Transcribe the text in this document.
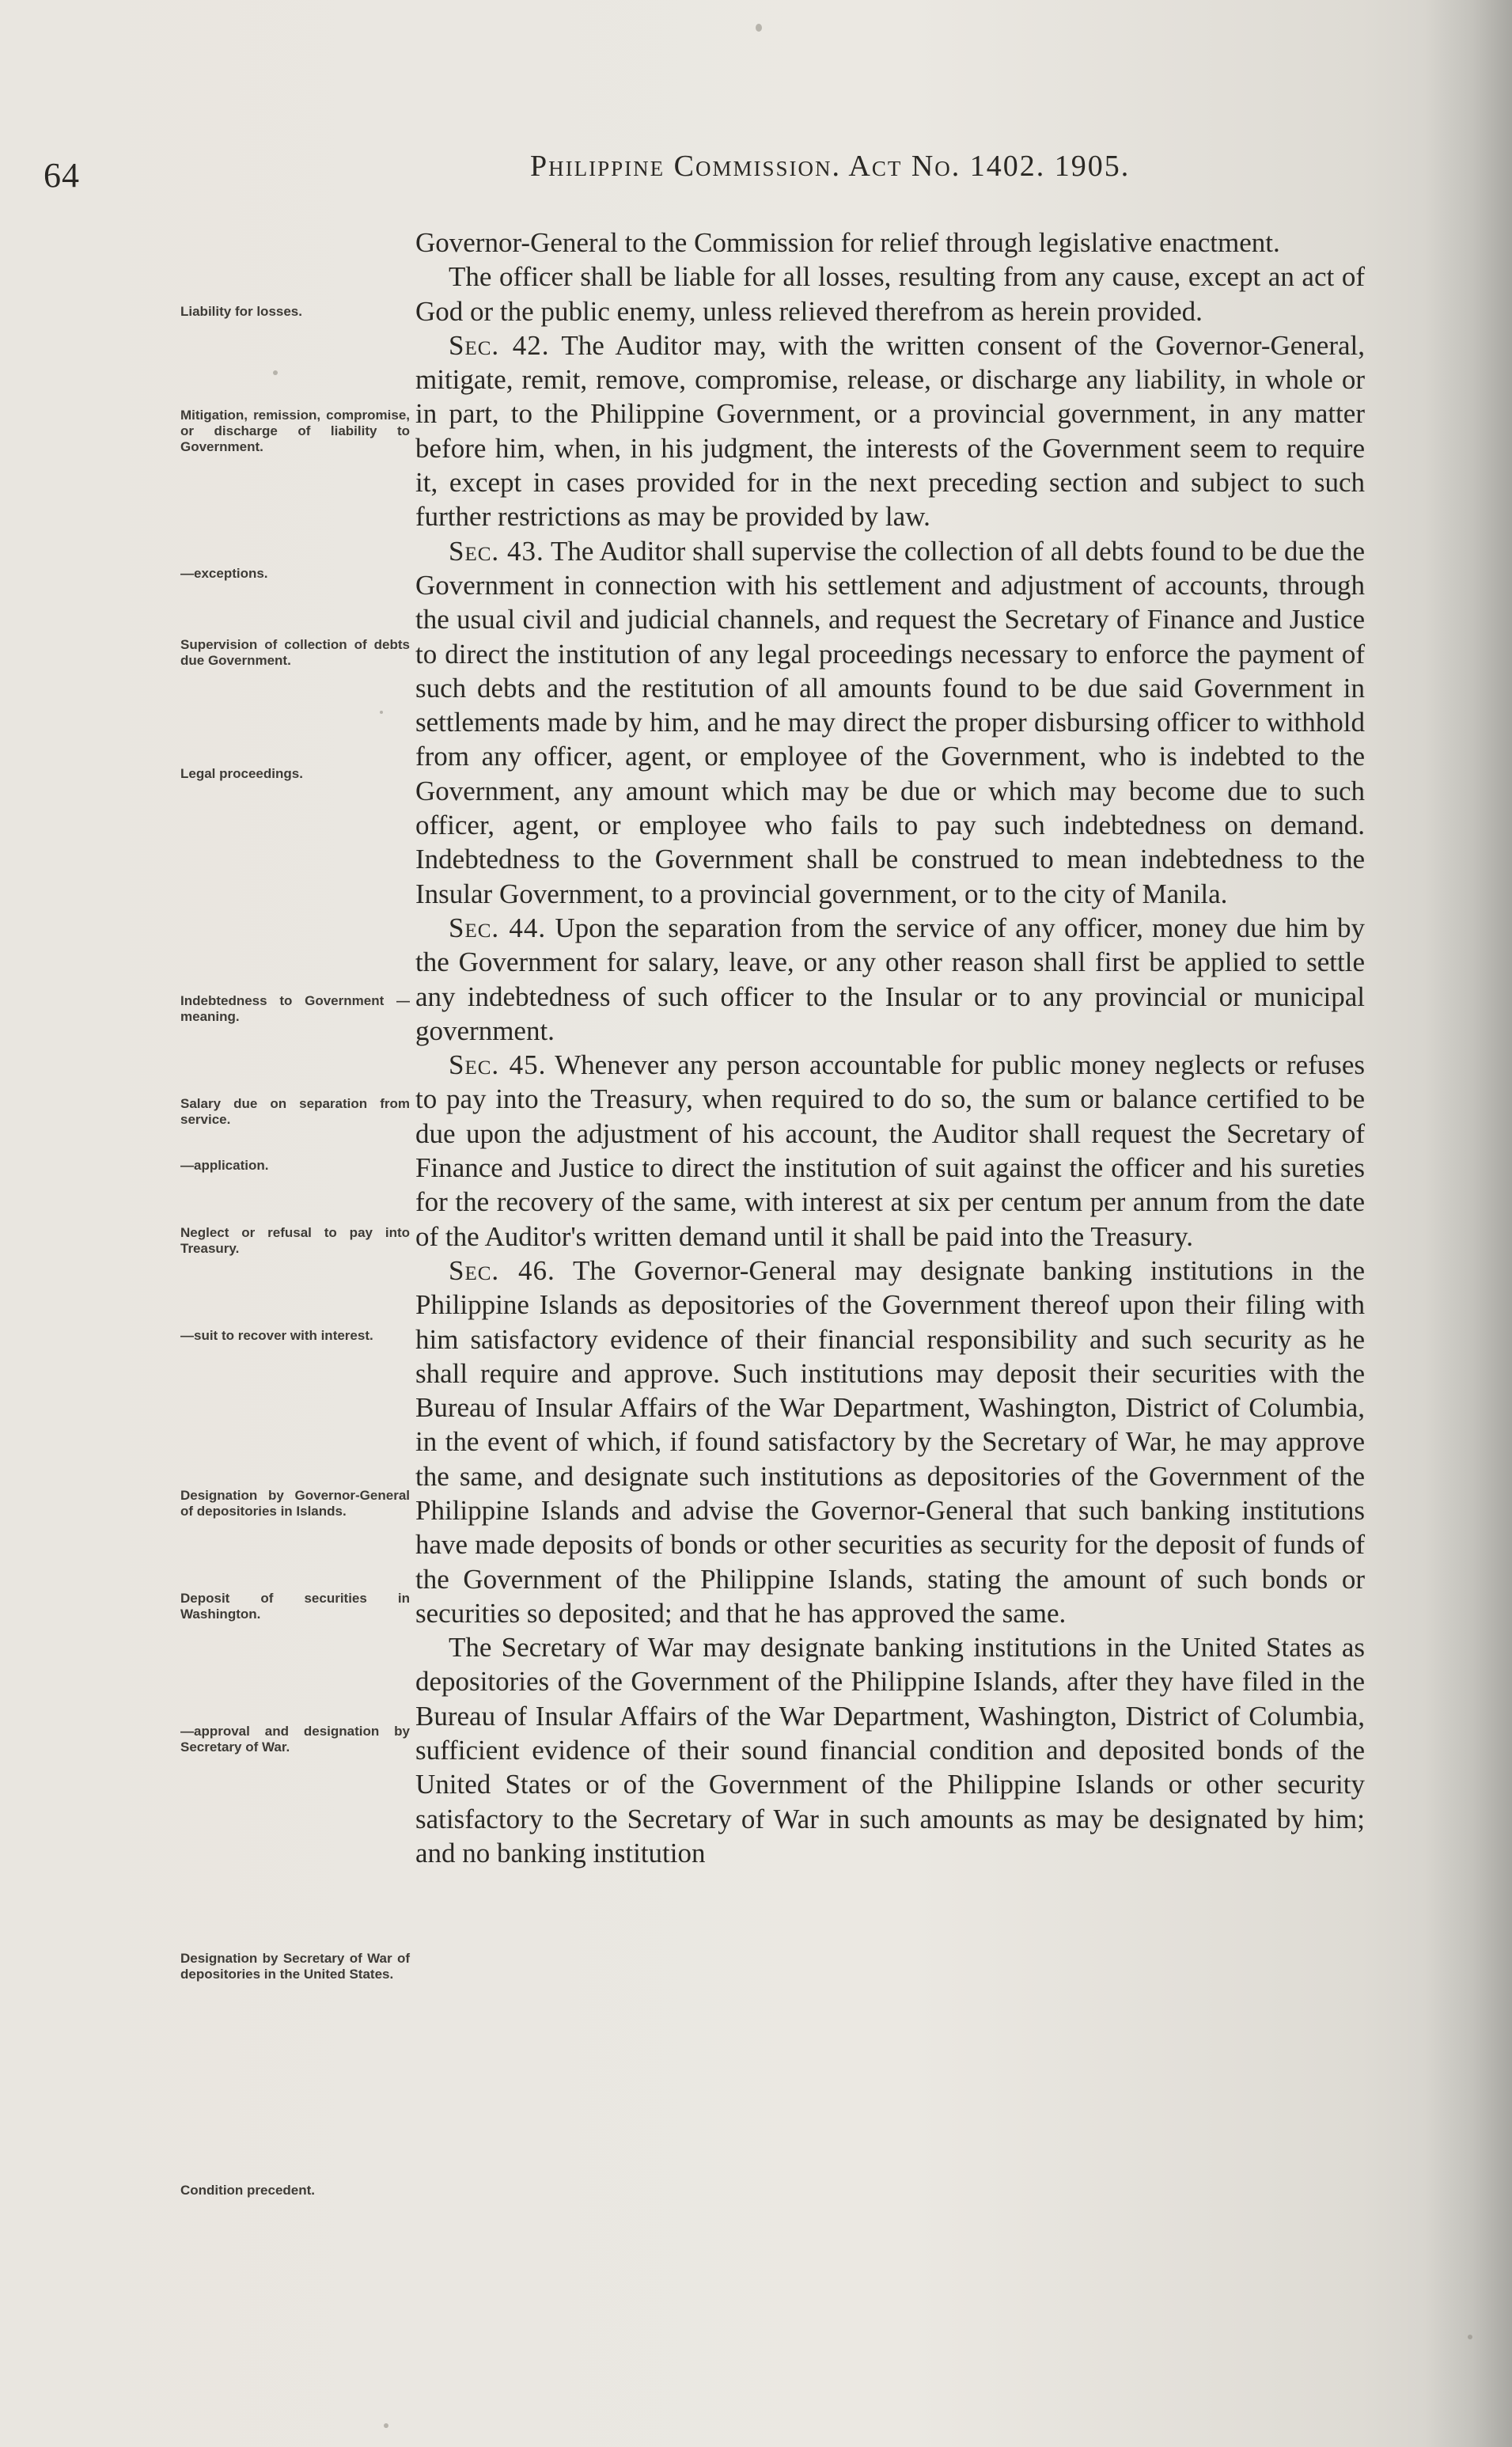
64	Philippine Commission. Act No. 1402. 1905.
Liability for losses.
Mitigation, remission, compromise, or discharge of liability to Government.
—exceptions.
Supervision of collection of debts due Government.
Legal proceedings.
Indebtedness to Government — meaning.
Salary due on separation from service.
—application.
Neglect or refusal to pay into Treasury.
—suit to recover with interest.
Designation by Governor-General of depositories in Islands.
Deposit of securities in Washington.
—approval and designation by Secretary of War.
Designation by Secretary of War of depositories in the United States.
Condition precedent.

Governor-General to the Commission for relief through legislative enactment.

The officer shall be liable for all losses, resulting from any cause, except an act of God or the public enemy, unless relieved therefrom as herein provided.

Sec. 42. The Auditor may, with the written consent of the Governor-General, mitigate, remit, remove, compromise, release, or discharge any liability, in whole or in part, to the Philippine Government, or a provincial government, in any matter before him, when, in his judgment, the interests of the Government seem to require it, except in cases provided for in the next preceding section and subject to such further restrictions as may be provided by law.

Sec. 43. The Auditor shall supervise the collection of all debts found to be due the Government in connection with his settlement and adjustment of accounts, through the usual civil and judicial channels, and request the Secretary of Finance and Justice to direct the institution of any legal proceedings necessary to enforce the payment of such debts and the restitution of all amounts found to be due said Government in settlements made by him, and he may direct the proper disbursing officer to withhold from any officer, agent, or employee of the Government, who is indebted to the Government, any amount which may be due or which may become due to such officer, agent, or employee who fails to pay such indebtedness on demand. Indebtedness to the Government shall be construed to mean indebtedness to the Insular Government, to a provincial government, or to the city of Manila.

Sec. 44. Upon the separation from the service of any officer, money due him by the Government for salary, leave, or any other reason shall first be applied to settle any indebtedness of such officer to the Insular or to any provincial or municipal government.

Sec. 45. Whenever any person accountable for public money neglects or refuses to pay into the Treasury, when required to do so, the sum or balance certified to be due upon the adjustment of his account, the Auditor shall request the Secretary of Finance and Justice to direct the institution of suit against the officer and his sureties for the recovery of the same, with interest at six per centum per annum from the date of the Auditor's written demand until it shall be paid into the Treasury.

Sec. 46. The Governor-General may designate banking institutions in the Philippine Islands as depositories of the Government thereof upon their filing with him satisfactory evidence of their financial responsibility and such security as he shall require and approve. Such institutions may deposit their securities with the Bureau of Insular Affairs of the War Department, Washington, District of Columbia, in the event of which, if found satisfactory by the Secretary of War, he may approve the same, and designate such institutions as depositories of the Government of the Philippine Islands and advise the Governor-General that such banking institutions have made deposits of bonds or other securities as security for the deposit of funds of the Government of the Philippine Islands, stating the amount of such bonds or securities so deposited; and that he has approved the same.

The Secretary of War may designate banking institutions in the United States as depositories of the Government of the Philippine Islands, after they have filed in the Bureau of Insular Affairs of the War Department, Washington, District of Columbia, sufficient evidence of their sound financial condition and deposited bonds of the United States or of the Government of the Philippine Islands or other security satisfactory to the Secretary of War in such amounts as may be designated by him; and no banking institution
